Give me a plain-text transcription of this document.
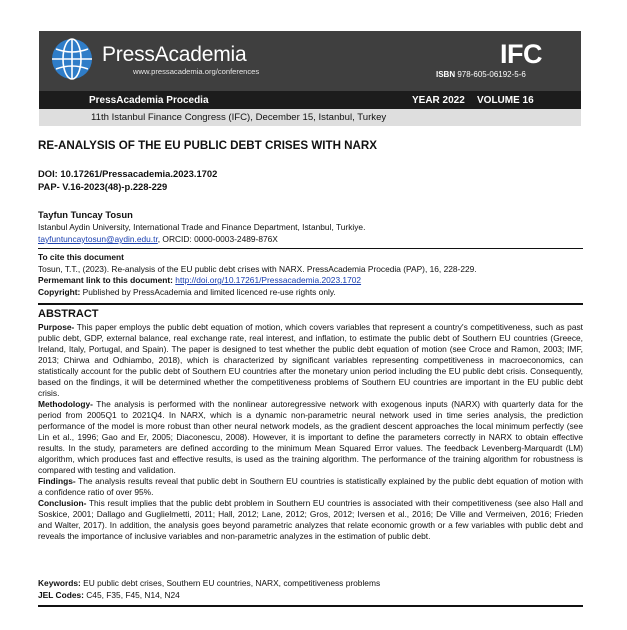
PressAcademia
www.pressacademia.org/conferences
IFC
ISBN 978-605-06192-5-6
PressAcademia Procedia	YEAR 2022 VOLUME 16
11th Istanbul Finance Congress (IFC), December 15, Istanbul, Turkey
RE-ANALYSIS OF THE EU PUBLIC DEBT CRISES WITH NARX
DOI: 10.17261/Pressacademia.2023.1702
PAP- V.16-2023(48)-p.228-229
Tayfun Tuncay Tosun
Istanbul Aydin University, International Trade and Finance Department, Istanbul, Turkiye.
tayfuntuncaytosun@aydin.edu.tr, ORCID: 0000-0003-2489-876X
To cite this document
Tosun, T.T., (2023). Re-analysis of the EU public debt crises with NARX. PressAcademia Procedia (PAP), 16, 228-229.
Permemant link to this document: http://doi.org/10.17261/Pressacademia.2023.1702
Copyright: Published by PressAcademia and limited licenced re-use rights only.
ABSTRACT

Purpose- This paper employs the public debt equation of motion, which covers variables that represent a country's competitiveness, such as past public debt, GDP, external balance, real exchange rate, real interest, and inflation, to estimate the public debt of Southern EU countries (Greece, Ireland, Italy, Portugal, and Spain). The paper is designed to test whether the public debt equation of motion (see Croce and Ramon, 2003; IMF, 2013; Chirwa and Odhiambo, 2018), which is characterized by significant variables representing competitiveness in macroeconomics, can statistically account for the public debt of Southern EU countries after the monetary union period including the EU public debt crisis. Consequently, based on the findings, it will be determined whether the competitiveness problems of Southern EU countries are important in the EU public debt crisis.

Methodology- The analysis is performed with the nonlinear autoregressive network with exogenous inputs (NARX) with quarterly data for the period from 2005Q1 to 2021Q4. In NARX, which is a dynamic non-parametric neural network used in time series analysis, the prediction performance of the model is more robust than other neural network models, as the gradient descent approaches the local minimum perfectly (see Lin et al., 1996; Gao and Er, 2005; Diaconescu, 2008). However, it is important to define the parameters correctly in NARX to obtain effective results. In the study, parameters are defined according to the minimum Mean Squared Error values. The feedback Levenberg-Marquardt (LM) algorithm, which produces fast and effective results, is used as the training algorithm. The performance of the training algorithm for robustness is compared with testing and validation.

Findings- The analysis results reveal that public debt in Southern EU countries is statistically explained by the public debt equation of motion with a confidence ratio of over 95%.

Conclusion- This result implies that the public debt problem in Southern EU countries is associated with their competitiveness (see also Hall and Soskice, 2001; Dallago and Guglielmetti, 2011; Hall, 2012; Lane, 2012; Gros, 2012; Iversen et al., 2016; De Ville and Vermeiven, 2016; Frieden and Walter, 2017). In addition, the analysis goes beyond parametric analyzes that relate economic growth or a few variables with public debt and reveals the importance of inclusive variables and non-parametric analyzes in the estimation of public debt.

Keywords: EU public debt crises, Southern EU countries, NARX, competitiveness problems
JEL Codes: C45, F35, F45, N14, N24
